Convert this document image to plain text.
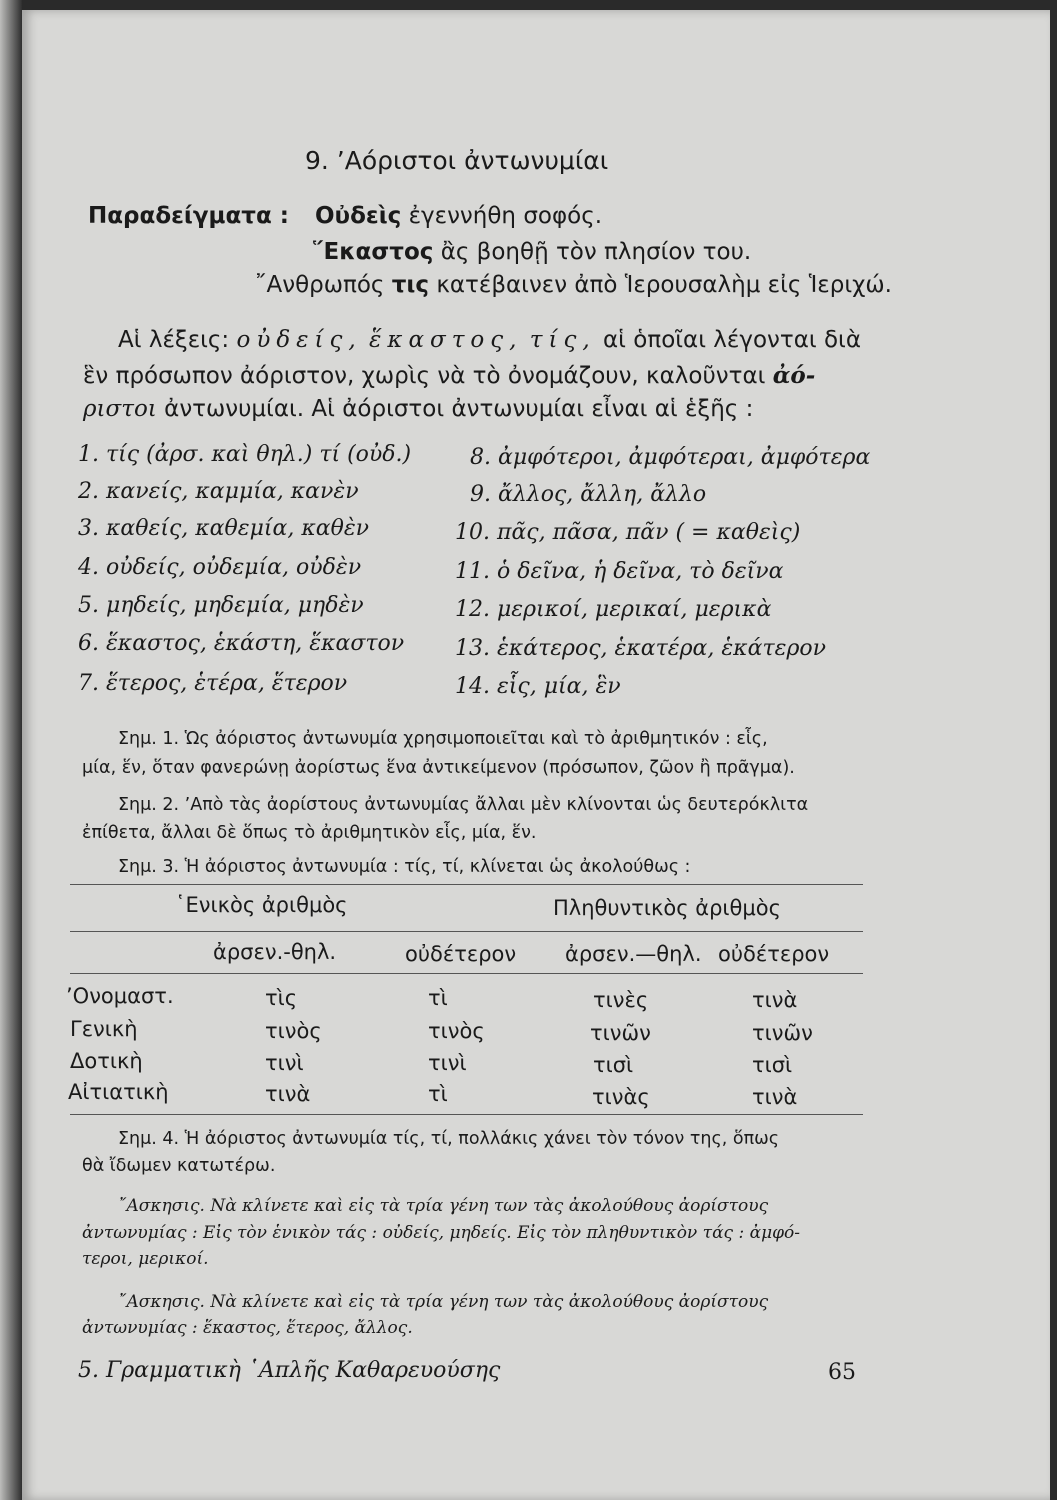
9. ’Αόριστοι ἀντωνυμίαι
Παραδείγματα : Οὐδεὶς ἐγεννήθη σοφός.
῞Εκαστος ἂς βοηθῇ τὸν πλησίον του.
῎Ανθρωπός τις κατέβαινεν ἀπὸ Ἱερουσαλὴμ εἰς Ἱεριχώ.
Αἱ λέξεις: οὐδείς, ἕκαστος, τίς, αἱ ὁποῖαι λέγονται διὰ
ἓν πρόσωπον ἀόριστον, χωρὶς νὰ τὸ ὀνομάζουν, καλοῦνται ἀό-
ριστοι ἀντωνυμίαι. Αἱ ἀόριστοι ἀντωνυμίαι εἶναι αἱ ἑξῆς :
1. τίς (ἀρσ. καὶ θηλ.) τί (οὐδ.)
2. κανείς, καμμία, κανὲν
3. καθείς, καθεμία, καθὲν
4. οὐδείς, οὐδεμία, οὐδὲν
5. μηδείς, μηδεμία, μηδὲν
6. ἕκαστος, ἑκάστη, ἕκαστον
7. ἕτερος, ἑτέρα, ἕτερον
8. ἀμφότεροι, ἀμφότεραι, ἀμφότερα
9. ἄλλος, ἄλλη, ἄλλο
10. πᾶς, πᾶσα, πᾶν ( = καθεὶς)
11. ὁ δεῖνα, ἡ δεῖνα, τὸ δεῖνα
12. μερικοί, μερικαί, μερικὰ
13. ἑκάτερος, ἑκατέρα, ἑκάτερον
14. εἷς, μία, ἓν
Σημ. 1. Ὡς ἀόριστος ἀντωνυμία χρησιμοποιεῖται καὶ τὸ ἀριθμητικόν : εἷς,
μία, ἕν, ὅταν φανερώνῃ ἀορίστως ἕνα ἀντικείμενον (πρόσωπον, ζῶον ἢ πρᾶγμα).
Σημ. 2. ’Απὸ τὰς ἀορίστους ἀντωνυμίας ἄλλαι μὲν κλίνονται ὡς δευτερόκλιτα
ἐπίθετα, ἄλλαι δὲ ὅπως τὸ ἀριθμητικὸν εἷς, μία, ἕν.
Σημ. 3. Ἡ ἀόριστος ἀντωνυμία : τίς, τί, κλίνεται ὡς ἀκολούθως :
῾Ενικὸς ἀριθμὸς	Πληθυντικὸς ἀριθμὸς
ἀρσεν.-θηλ.	οὐδέτερον ἀρσεν.—θηλ. οὐδέτερον
’Ονομαστ.	τὶς	τὶ	τινὲς	τινὰ
Γενικὴ	τινὸς	τινὸς	τινῶν	τινῶν
Δοτικὴ	τινὶ	τινὶ	τισὶ	τισὶ
Αἰτιατικὴ	τινὰ	τὶ	τινὰς	τινὰ
Σημ. 4. Ἡ ἀόριστος ἀντωνυμία τίς, τί, πολλάκις χάνει τὸν τόνον της, ὅπως
θὰ ἴδωμεν κατωτέρω.
῎Ασκησις. Νὰ κλίνετε καὶ εἰς τὰ τρία γένη των τὰς ἀκολούθους ἀορίστους
ἀντωνυμίας : Εἰς τὸν ἑνικὸν τάς : οὐδείς, μηδείς. Εἰς τὸν πληθυντικὸν τάς : ἀμφό-
τεροι, μερικοί.
῎Ασκησις. Νὰ κλίνετε καὶ εἰς τὰ τρία γένη των τὰς ἀκολούθους ἀορίστους
ἀντωνυμίας : ἕκαστος, ἕτερος, ἄλλος.
5. Γραμματικὴ ῾Απλῆς Καθαρευούσης	65
